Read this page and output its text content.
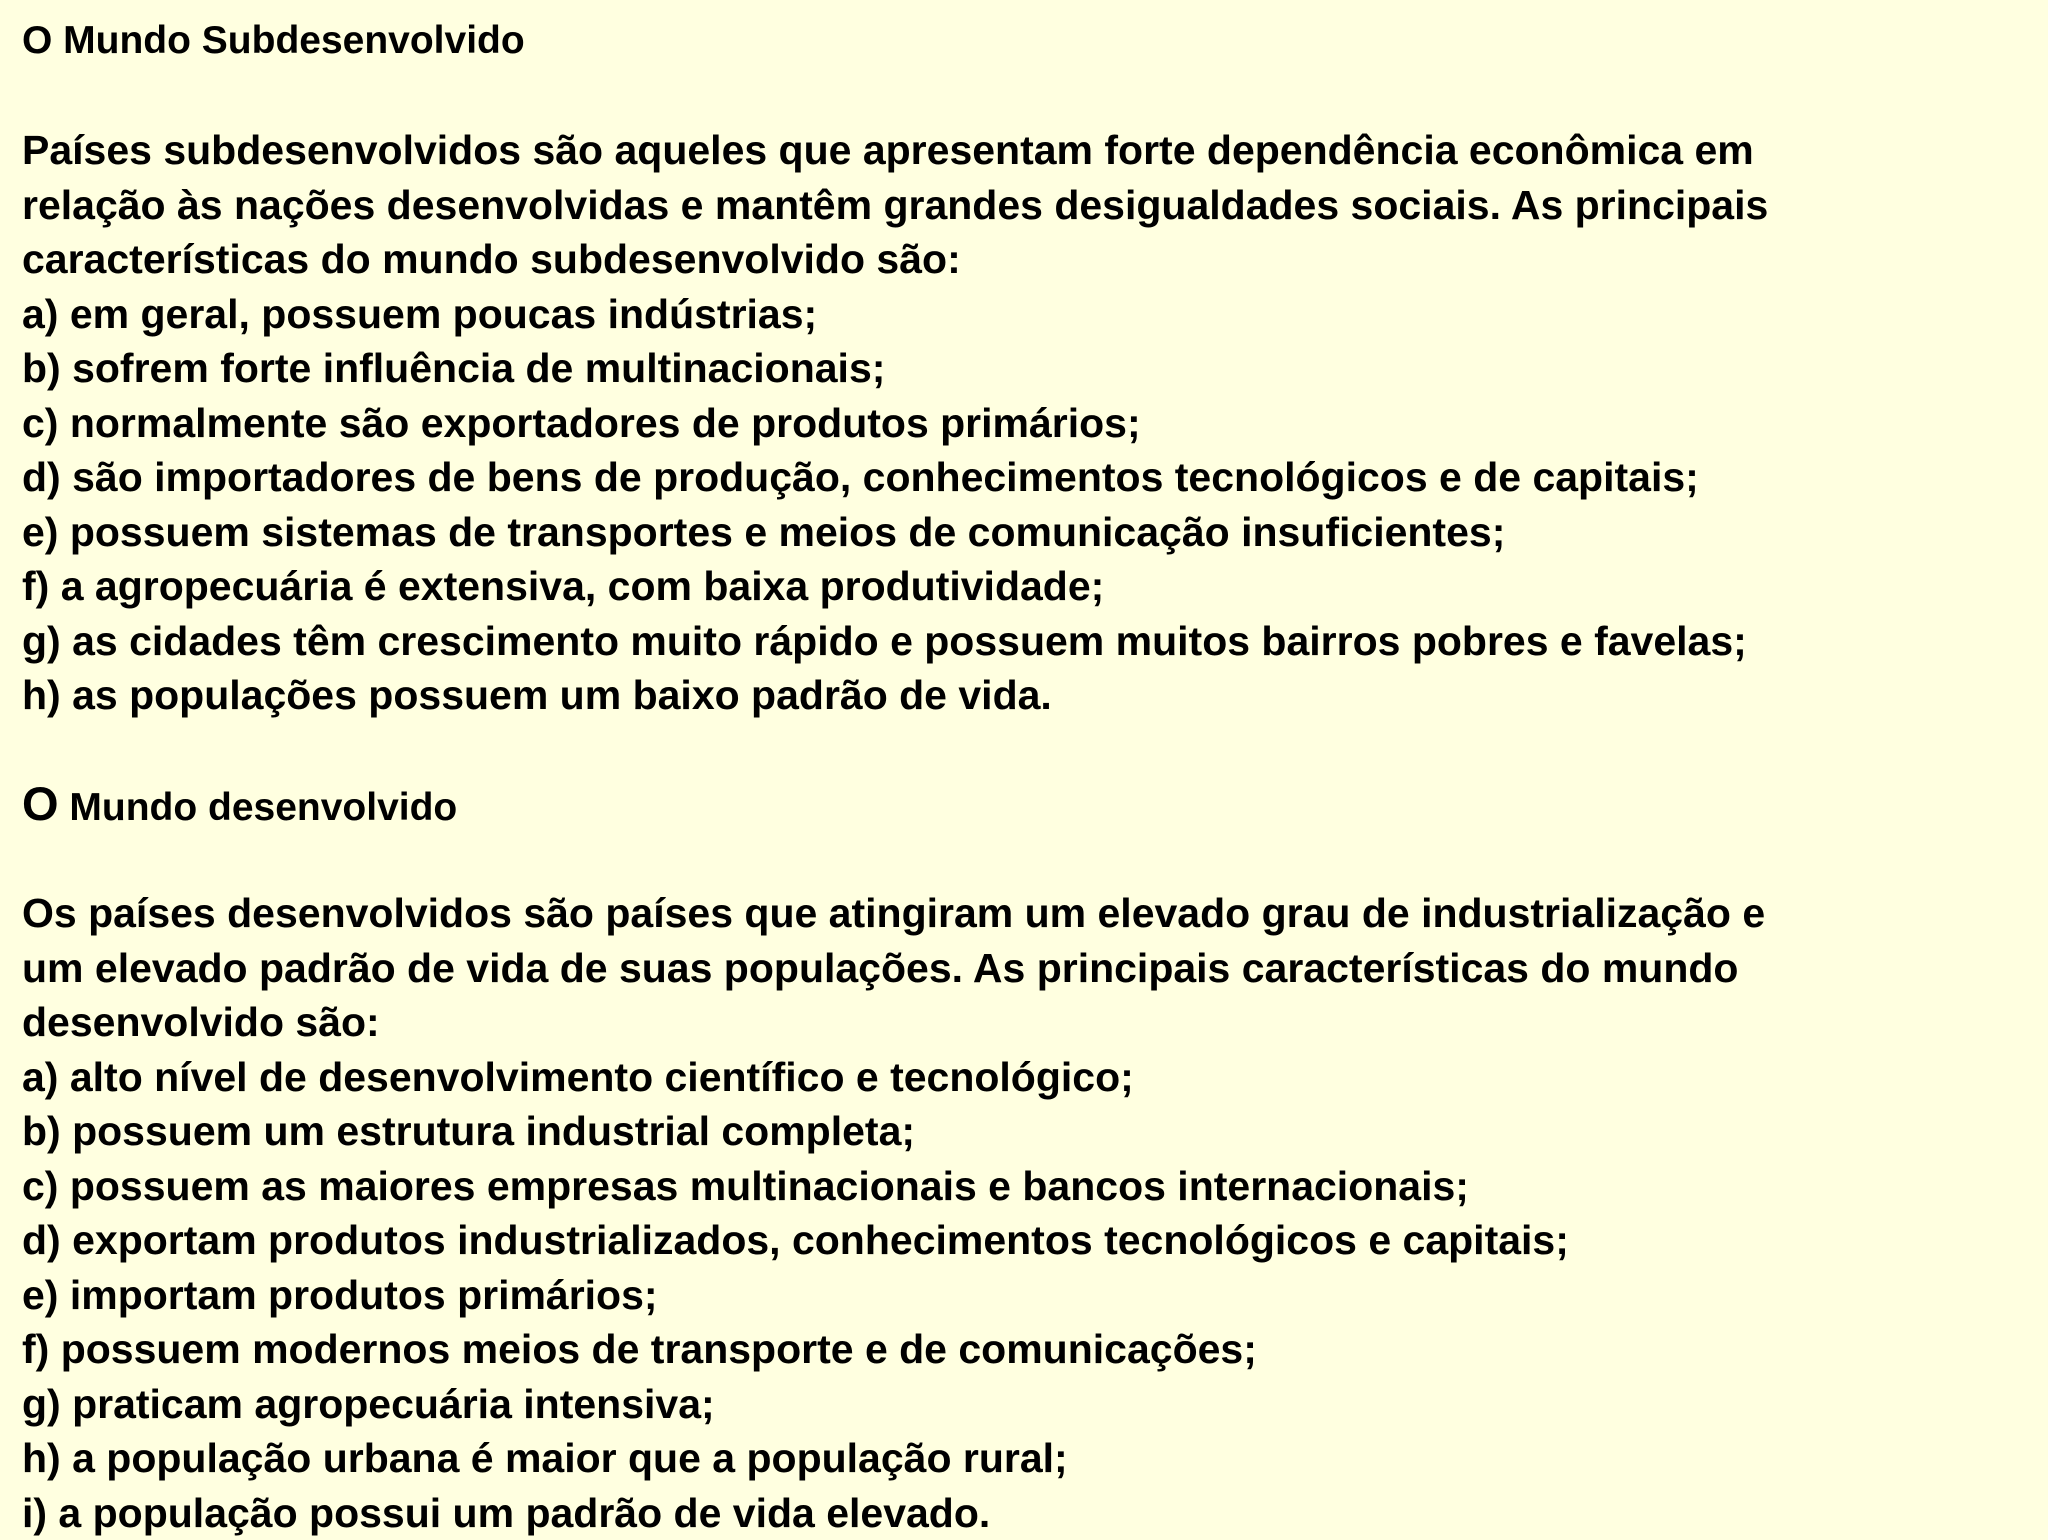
O Mundo Subdesenvolvido
Países subdesenvolvidos são aqueles que apresentam forte dependência econômica em
relação às nações desenvolvidas e mantêm grandes desigualdades sociais. As principais
características do mundo subdesenvolvido são:
a) em geral, possuem poucas indústrias;
b) sofrem forte influência de multinacionais;
c) normalmente são exportadores de produtos primários;
d) são importadores de bens de produção, conhecimentos tecnológicos e de capitais;
e) possuem sistemas de transportes e meios de comunicação insuficientes;
f) a agropecuária é extensiva, com baixa produtividade;
g) as cidades têm crescimento muito rápido e possuem muitos bairros pobres e favelas;
h) as populações possuem um baixo padrão de vida.
O Mundo desenvolvido
Os países desenvolvidos são países que atingiram um elevado grau de industrialização e
um elevado padrão de vida de suas populações. As principais características do mundo
desenvolvido são:
a) alto nível de desenvolvimento científico e tecnológico;
b) possuem um estrutura industrial completa;
c) possuem as maiores empresas multinacionais e bancos internacionais;
d) exportam produtos industrializados, conhecimentos tecnológicos e capitais;
e) importam produtos primários;
f) possuem modernos meios de transporte e de comunicações;
g) praticam agropecuária intensiva;
h) a população urbana é maior que a população rural;
i) a população possui um padrão de vida elevado.
